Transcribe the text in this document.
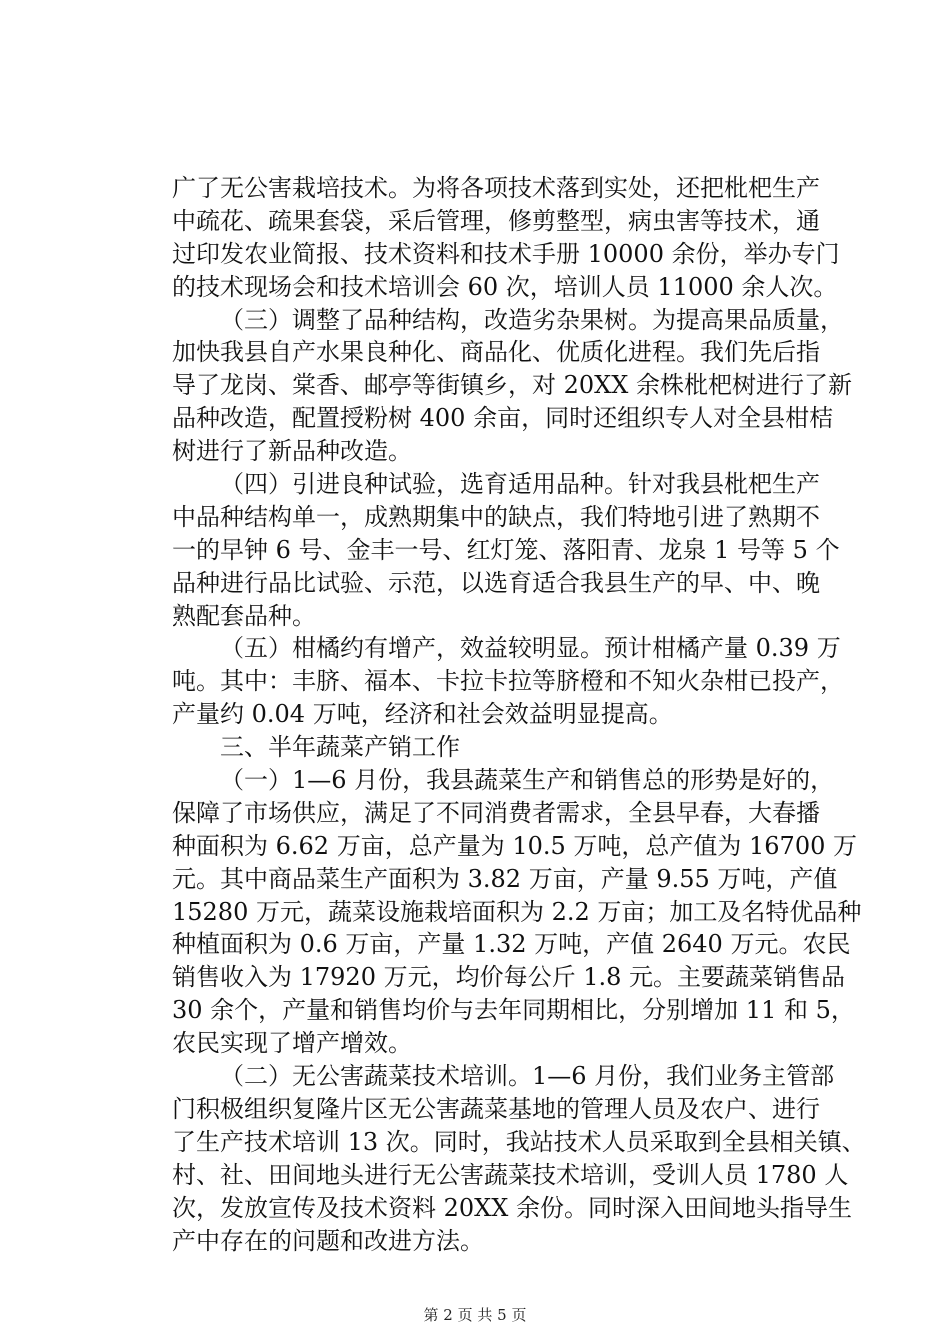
广了无公害栽培技术。为将各项技术落到实处，还把枇杷生产
中疏花、疏果套袋，采后管理，修剪整型，病虫害等技术，通
过印发农业简报、技术资料和技术手册 10000 余份，举办专门
的技术现场会和技术培训会 60 次，培训人员 11000 余人次。
（三）调整了品种结构，改造劣杂果树。为提高果品质量，
加快我县自产水果良种化、商品化、优质化进程。我们先后指
导了龙岗、棠香、邮亭等街镇乡，对 20XX 余株枇杷树进行了新
品种改造，配置授粉树 400 余亩，同时还组织专人对全县柑桔
树进行了新品种改造。
（四）引进良种试验，选育适用品种。针对我县枇杷生产
中品种结构单一，成熟期集中的缺点，我们特地引进了熟期不
一的早钟 6 号、金丰一号、红灯笼、落阳青、龙泉 1 号等 5 个
品种进行品比试验、示范，以选育适合我县生产的早、中、晚
熟配套品种。
（五）柑橘约有增产，效益较明显。预计柑橘产量 0.39 万
吨。其中：丰脐、福本、卡拉卡拉等脐橙和不知火杂柑已投产，
产量约 0.04 万吨，经济和社会效益明显提高。
三、半年蔬菜产销工作
（一）1—6 月份，我县蔬菜生产和销售总的形势是好的，
保障了市场供应，满足了不同消费者需求，全县早春，大春播
种面积为 6.62 万亩，总产量为 10.5 万吨，总产值为 16700 万
元。其中商品菜生产面积为 3.82 万亩，产量 9.55 万吨，产值
15280 万元，蔬菜设施栽培面积为 2.2 万亩；加工及名特优品种
种植面积为 0.6 万亩，产量 1.32 万吨，产值 2640 万元。农民
销售收入为 17920 万元，均价每公斤 1.8 元。主要蔬菜销售品
30 余个，产量和销售均价与去年同期相比，分别增加 11 和 5，
农民实现了增产增效。
（二）无公害蔬菜技术培训。1—6 月份，我们业务主管部
门积极组织复隆片区无公害蔬菜基地的管理人员及农户、进行
了生产技术培训 13 次。同时，我站技术人员采取到全县相关镇、
村、社、田间地头进行无公害蔬菜技术培训，受训人员 1780 人
次，发放宣传及技术资料 20XX 余份。同时深入田间地头指导生
产中存在的问题和改进方法。
第 2 页 共 5 页
